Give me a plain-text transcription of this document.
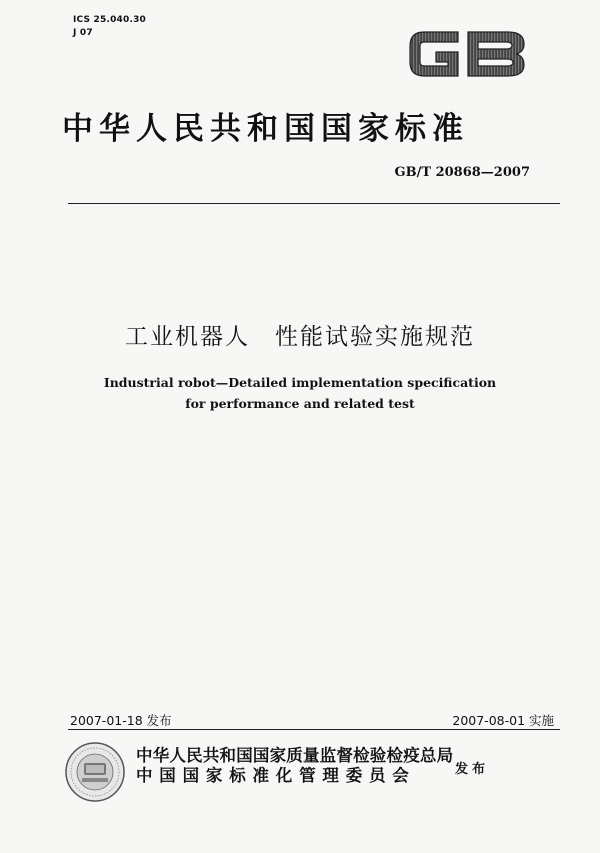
ICS 25.040.30
J 07
中华人民共和国国家标准
GB/T 20868—2007
工业机器人　性能试验实施规范
Industrial robot—Detailed implementation specification
for performance and related test
2007-01-18 发布	2007-08-01 实施
中华人民共和国国家质量监督检验检疫总局
中国国家标准化管理委员会	发布
